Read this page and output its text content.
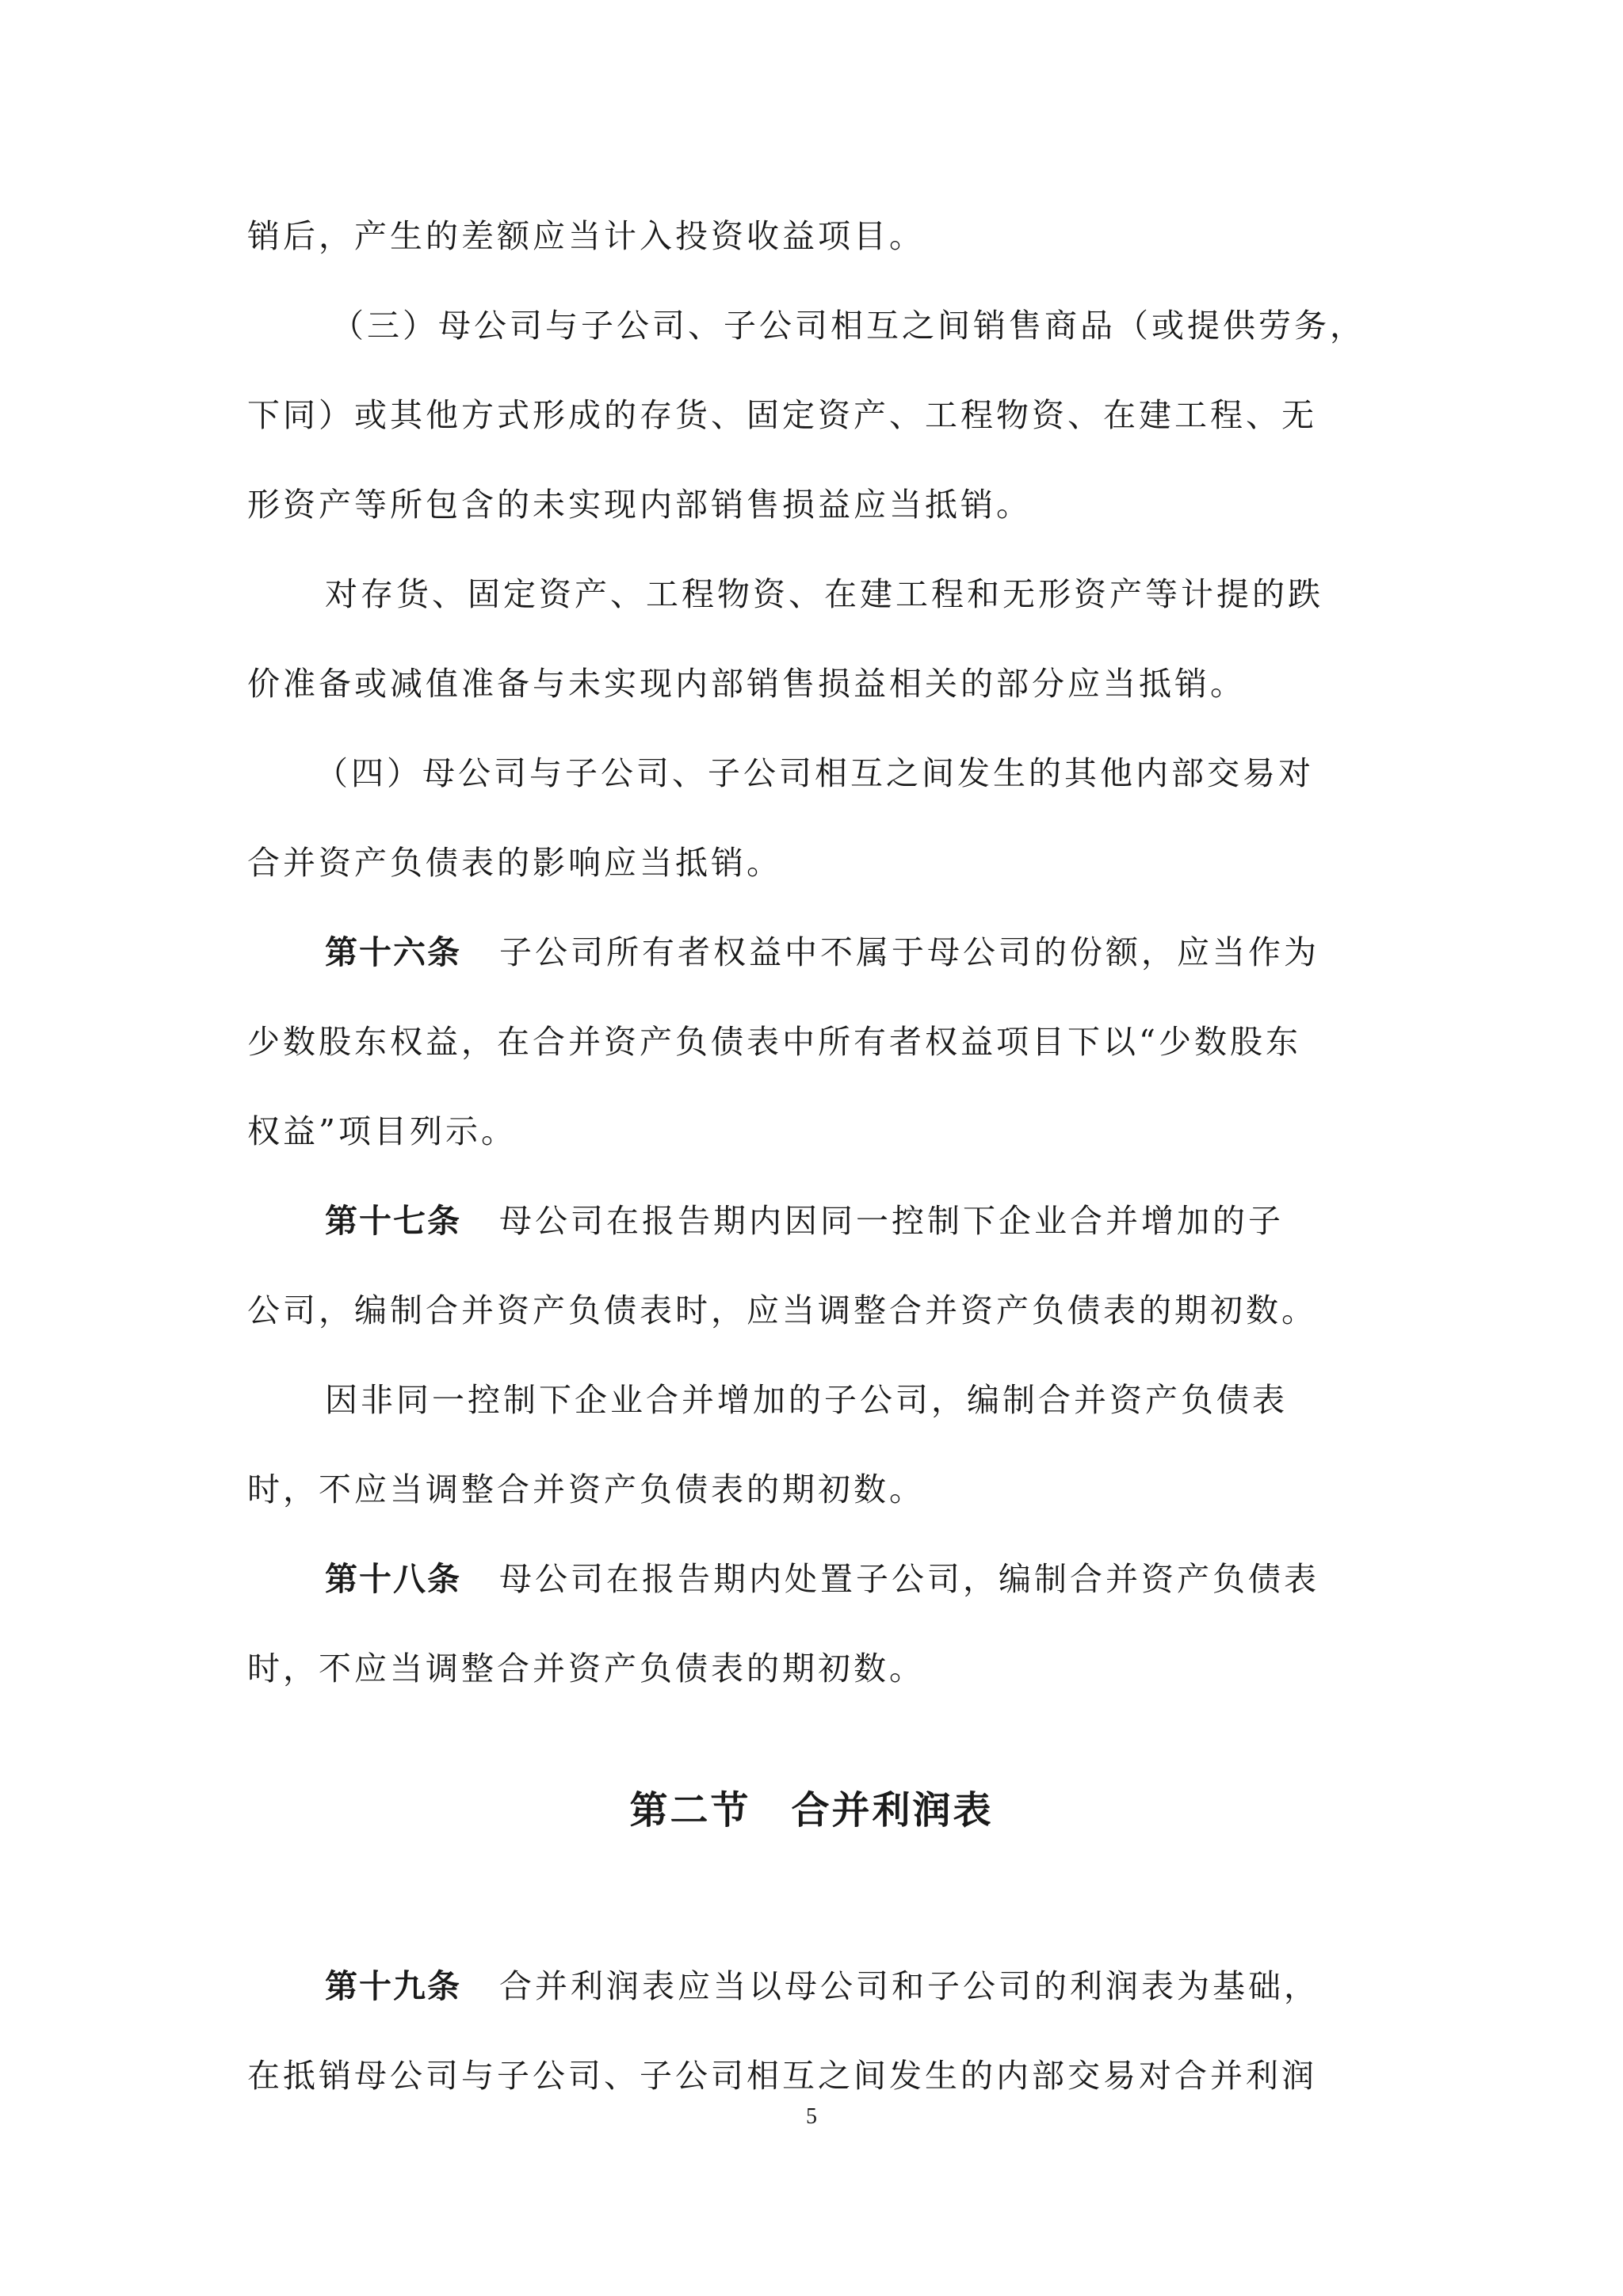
销后，产生的差额应当计入投资收益项目。
（三）母公司与子公司、子公司相互之间销售商品（或提供劳务，
下同）或其他方式形成的存货、固定资产、工程物资、在建工程、无
形资产等所包含的未实现内部销售损益应当抵销。
对存货、固定资产、工程物资、在建工程和无形资产等计提的跌
价准备或减值准备与未实现内部销售损益相关的部分应当抵销。
（四）母公司与子公司、子公司相互之间发生的其他内部交易对
合并资产负债表的影响应当抵销。
第十六条 子公司所有者权益中不属于母公司的份额，应当作为
少数股东权益，在合并资产负债表中所有者权益项目下以“少数股东
权益”项目列示。
第十七条 母公司在报告期内因同一控制下企业合并增加的子
公司，编制合并资产负债表时，应当调整合并资产负债表的期初数。
因非同一控制下企业合并增加的子公司，编制合并资产负债表
时，不应当调整合并资产负债表的期初数。
第十八条 母公司在报告期内处置子公司，编制合并资产负债表
时，不应当调整合并资产负债表的期初数。
第二节　合并利润表
第十九条 合并利润表应当以母公司和子公司的利润表为基础，
在抵销母公司与子公司、子公司相互之间发生的内部交易对合并利润
5
